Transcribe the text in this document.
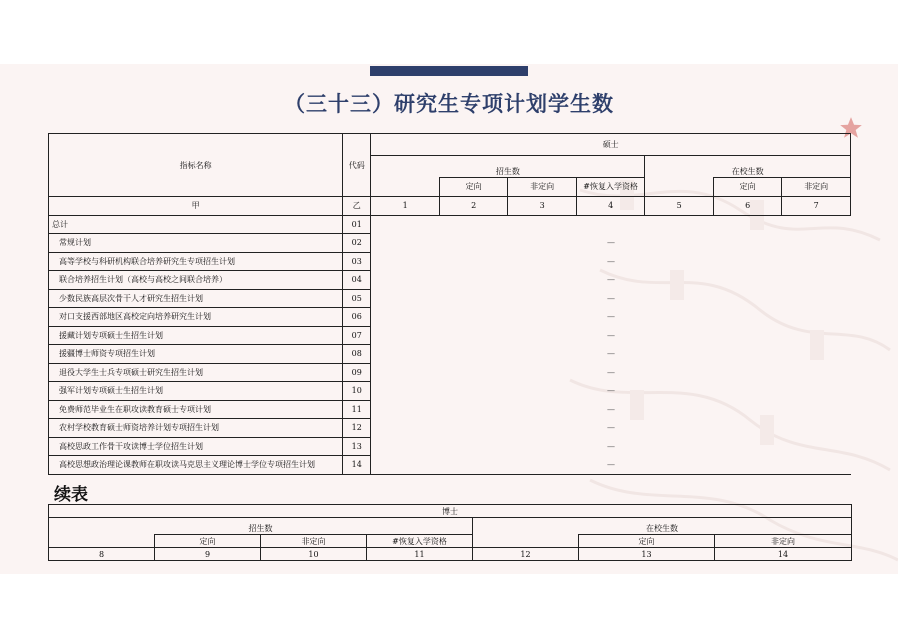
（三十三）研究生专项计划学生数
指标名称	代码	硕士						
		招生数				在校生数		
			定向	非定向	#恢复入学资格		定向	非定向
甲	乙	1	2	3	4	5	6	7
总计	01							
常规计划	02	—						
高等学校与科研机构联合培养研究生专项招生计划	03	—						
联合培养招生计划（高校与高校之间联合培养）	04	—						
少数民族高层次骨干人才研究生招生计划	05	—						
对口支援西部地区高校定向培养研究生计划	06	—						
援藏计划专项硕士生招生计划	07	—						
援疆博士师资专项招生计划	08	—						
退役大学生士兵专项硕士研究生招生计划	09	—						
强军计划专项硕士生招生计划	10	—						
免费师范毕业生在职攻读教育硕士专项计划	11	—						
农村学校教育硕士师资培养计划专项招生计划	12	—						
高校思政工作骨干攻读博士学位招生计划	13	—						
高校思想政治理论课教师在职攻读马克思主义理论博士学位专项招生计划	14	—						
续表
博士						
招生数				在校生数		
	定向	非定向	#恢复入学资格		定向	非定向
8	9	10	11	12	13	14
